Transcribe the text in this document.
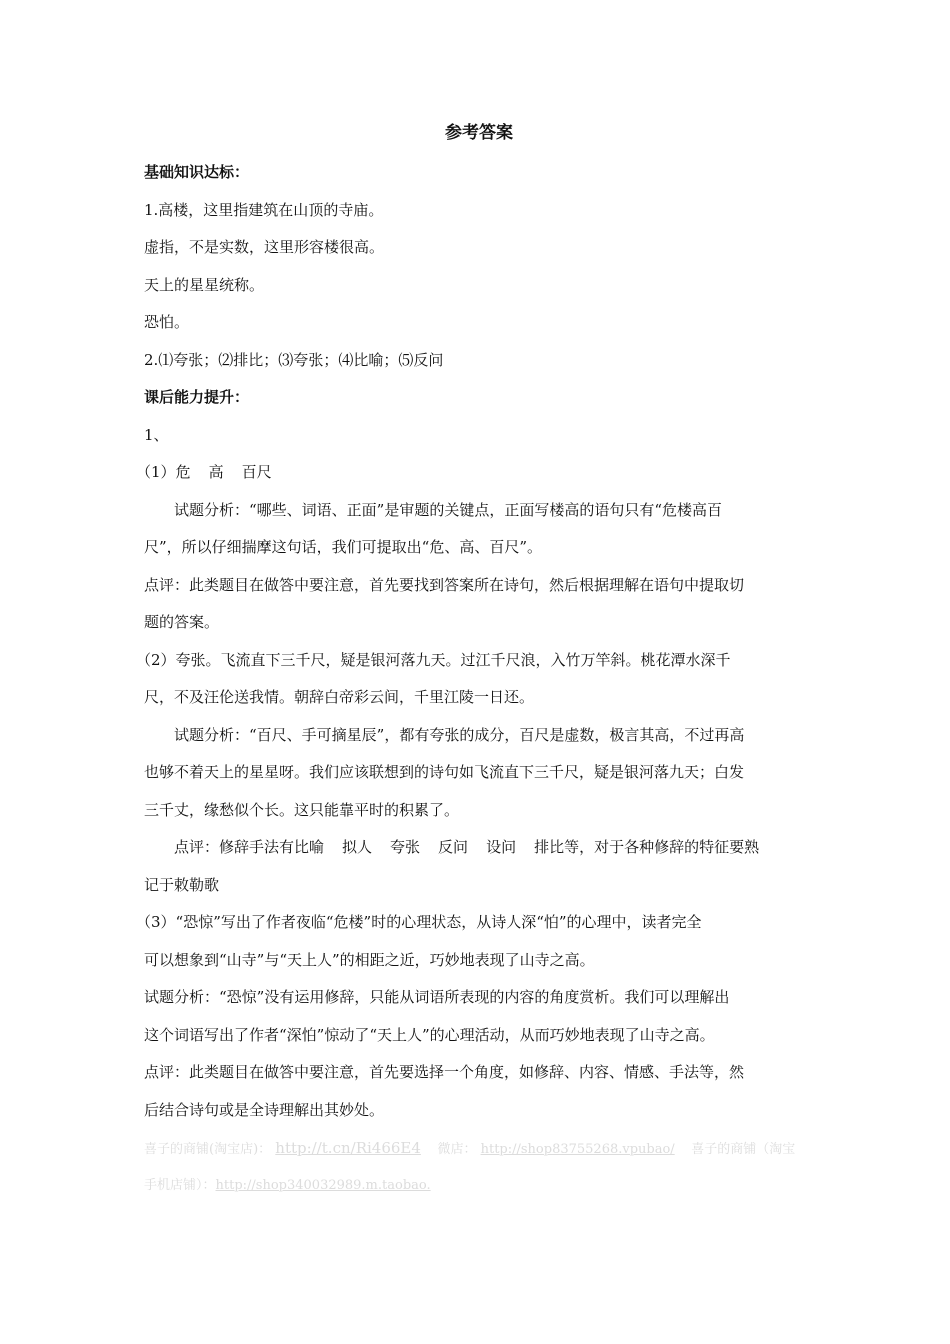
参考答案
基础知识达标：
1.高楼，这里指建筑在山顶的寺庙。
虚指，不是实数，这里形容楼很高。
天上的星星统称。
恐怕。
2.⑴夸张；⑵排比；⑶夸张；⑷比喻；⑸反问
课后能力提升：
1、
（1）危 高 百尺
试题分析：“哪些、词语、正面”是审题的关键点，正面写楼高的语句只有“危楼高百
尺”，所以仔细揣摩这句话，我们可提取出“危、高、百尺”。
点评：此类题目在做答中要注意，首先要找到答案所在诗句，然后根据理解在语句中提取切
题的答案。
（2）夸张。飞流直下三千尺，疑是银河落九天。过江千尺浪，入竹万竿斜。桃花潭水深千
尺，不及汪伦送我情。朝辞白帝彩云间，千里江陵一日还。
试题分析：“百尺、手可摘星辰”，都有夸张的成分，百尺是虚数，极言其高，不过再高
也够不着天上的星星呀。我们应该联想到的诗句如飞流直下三千尺，疑是银河落九天；白发
三千丈，缘愁似个长。这只能靠平时的积累了。
点评：修辞手法有比喻 拟人 夸张 反问 设问 排比等，对于各种修辞的特征要熟
记于敕勒歌
（3）“恐惊”写出了作者夜临“危楼”时的心理状态，从诗人深“怕”的心理中，读者完全
可以想象到“山寺”与“天上人”的相距之近，巧妙地表现了山寺之高。
试题分析：“恐惊”没有运用修辞，只能从词语所表现的内容的角度赏析。我们可以理解出
这个词语写出了作者“深怕”惊动了“天上人”的心理活动，从而巧妙地表现了山寺之高。
点评：此类题目在做答中要注意，首先要选择一个角度，如修辞、内容、情感、手法等，然
后结合诗句或是全诗理解出其妙处。
喜子的商铺(淘宝店)： http://t.cn/Ri466E4 微店： http://shop83755268.vpubao/ 喜子的商铺（淘宝
手机店铺）：http://shop340032989.m.taobao.
